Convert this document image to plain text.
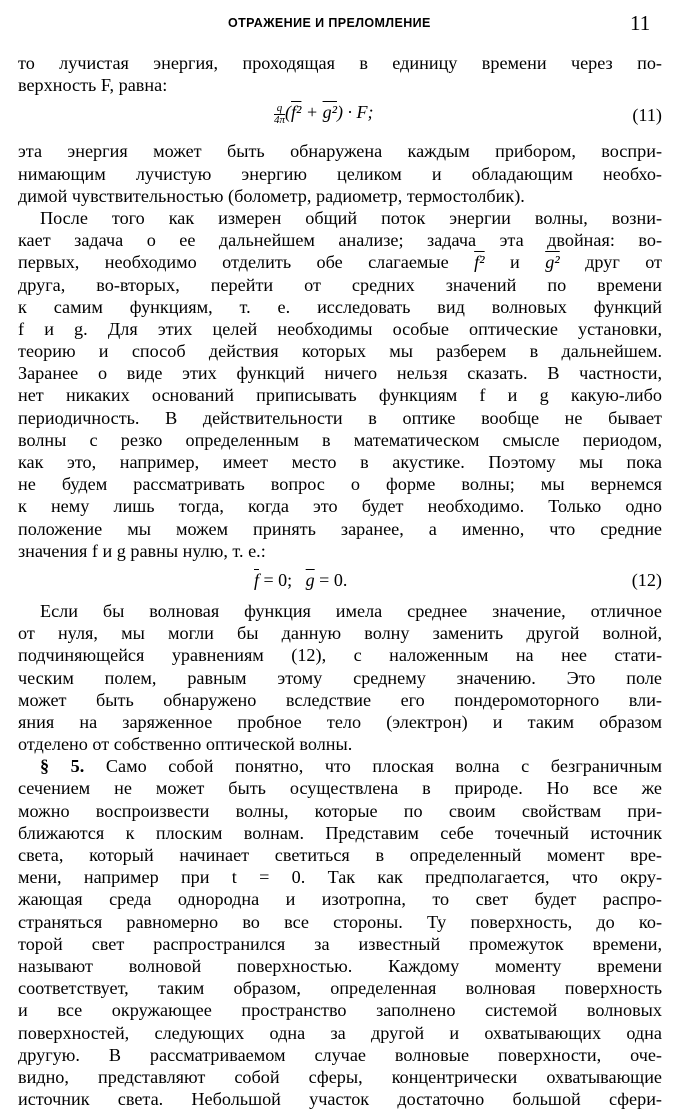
ОТРАЖЕНИЕ И ПРЕЛОМЛЕНИЕ	11
то лучистая энергия, проходящая в единицу времени через по-
верхность F, равна:
$\frac{q}{4\pi} (f^2 + g^2) \cdot F$;	(11)
эта энергия может быть обнаружена каждым прибором, воспри-
нимающим лучистую энергию целиком и обладающим необхо-
димой чувствительностью (болометр, радиометр, термостолбик).
После того как измерен общий поток энергии волны, возни-
кает задача о ее дальнейшем анализе; задача эта двойная: во-
первых, необходимо отделить обе слагаемые f² и g² друг от
друга, во-вторых, перейти от средних значений по времени
к самим функциям, т. е. исследовать вид волновых функций
f и g. Для этих целей необходимы особые оптические установки,
теорию и способ действия которых мы разберем в дальнейшем.
Заранее о виде этих функций ничего нельзя сказать. В частности,
нет никаких оснований приписывать функциям f и g какую-либо
периодичность. В действительности в оптике вообще не бывает
волны с резко определенным в математическом смысле периодом,
как это, например, имеет место в акустике. Поэтому мы пока
не будем рассматривать вопрос о форме волны; мы вернемся
к нему лишь тогда, когда это будет необходимо. Только одно
положение мы можем принять заранее, а именно, что средние
значения f и g равны нулю, т. е.:
$\overline{f} = 0$; $\overline{g} = 0$.	(12)
Если бы волновая функция имела среднее значение, отличное
от нуля, мы могли бы данную волну заменить другой волной,
подчиняющейся уравнениям (12), с наложенным на нее стати-
ческим полем, равным этому среднему значению. Это поле
может быть обнаружено вследствие его пондеромоторного вли-
яния на заряженное пробное тело (электрон) и таким образом
отделено от собственно оптической волны.
§ 5. Само собой понятно, что плоская волна с безграничным
сечением не может быть осуществлена в природе. Но все же
можно воспроизвести волны, которые по своим свойствам при-
ближаются к плоским волнам. Представим себе точечный источник
света, который начинает светиться в определенный момент вре-
мени, например при t = 0. Так как предполагается, что окру-
жающая среда однородна и изотропна, то свет будет распро-
страняться равномерно во все стороны. Ту поверхность, до ко-
торой свет распространился за известный промежуток времени,
называют волновой поверхностью. Каждому моменту времени
соответствует, таким образом, определенная волновая поверхность
и все окружающее пространство заполнено системой волновых
поверхностей, следующих одна за другой и охватывающих одна
другую. В рассматриваемом случае волновые поверхности, оче-
видно, представляют собой сферы, концентрически охватывающие
источник света. Небольшой участок достаточно большой сфери-
